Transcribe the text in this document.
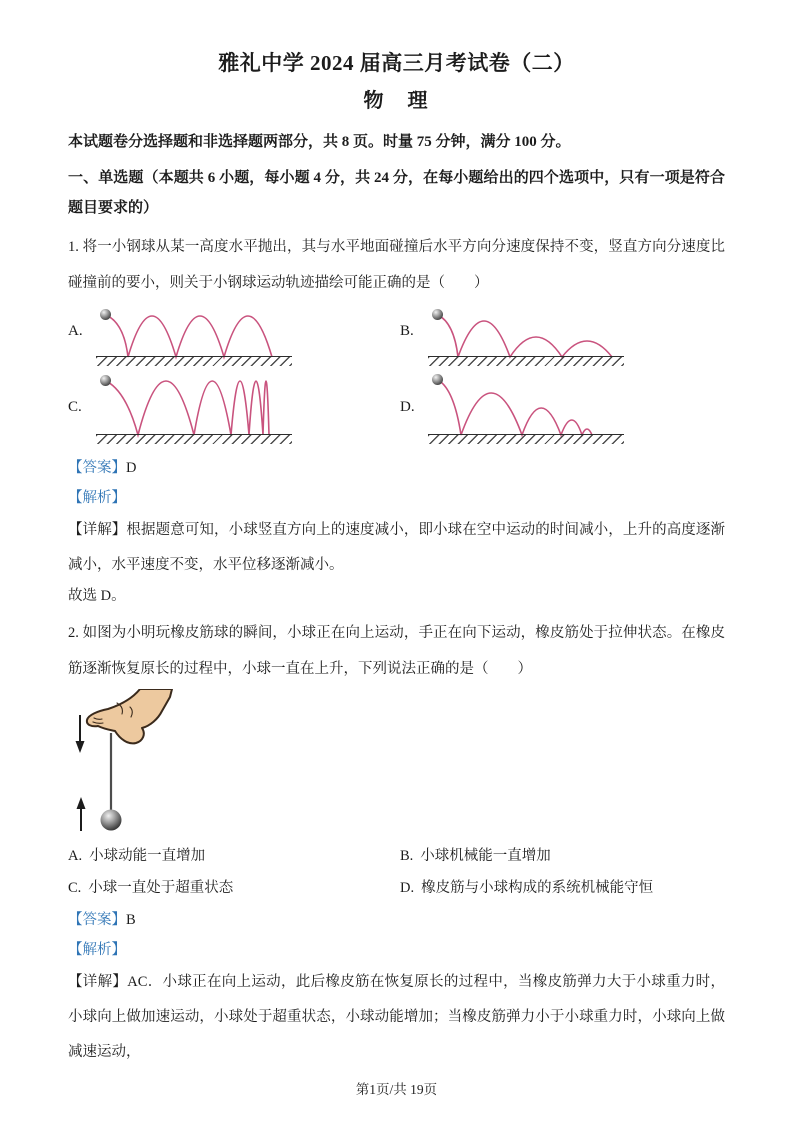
雅礼中学 2024 届高三月考试卷（二）
物　理

本试题卷分选择题和非选择题两部分，共 8 页。时量 75 分钟，满分 100 分。

一、单选题（本题共 6 小题，每小题 4 分，共 24 分，在每小题给出的四个选项中，只有一项是符合题目要求的）

1. 将一小钢球从某一高度水平抛出，其与水平地面碰撞后水平方向分速度保持不变，竖直方向分速度比碰撞前的要小，则关于小钢球运动轨迹描绘可能正确的是（　　）

A.	B.
C.	D.

【答案】D

【解析】

【详解】根据题意可知，小球竖直方向上的速度减小，即小球在空中运动的时间减小，上升的高度逐渐减小，水平速度不变，水平位移逐渐减小。

故选 D。

2. 如图为小明玩橡皮筋球的瞬间，小球正在向上运动，手正在向下运动，橡皮筋处于拉伸状态。在橡皮筋逐渐恢复原长的过程中，小球一直在上升，下列说法正确的是（　　）

A. 小球动能一直增加	B. 小球机械能一直增加

C. 小球一直处于超重状态	D. 橡皮筋与小球构成的系统机械能守恒

【答案】B

【解析】

【详解】AC．小球正在向上运动，此后橡皮筋在恢复原长的过程中，当橡皮筋弹力大于小球重力时，小球向上做加速运动，小球处于超重状态，小球动能增加；当橡皮筋弹力小于小球重力时，小球向上做减速运动，

第1页/共 19页
